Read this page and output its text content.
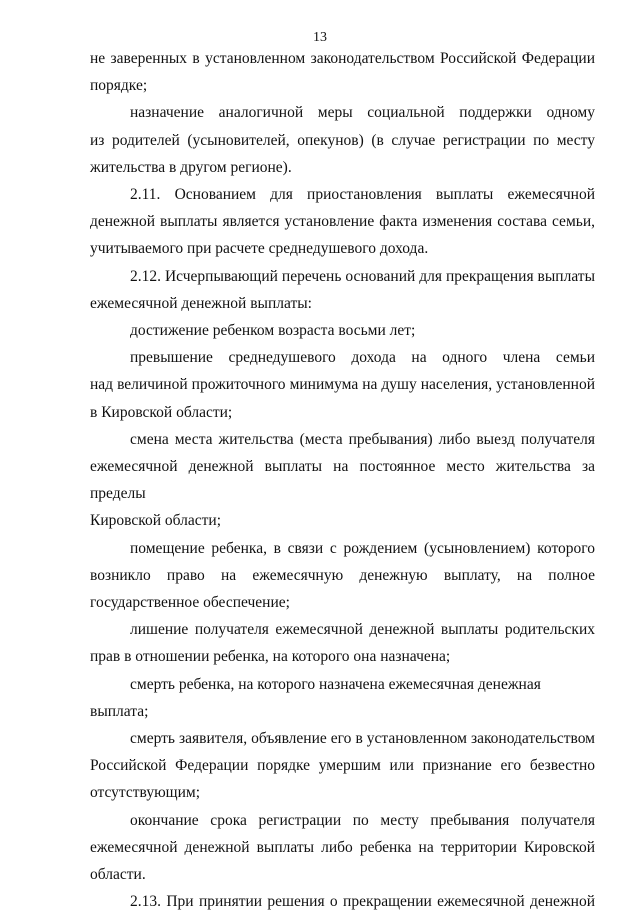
13
не заверенных в установленном законодательством Российской Федерации
порядке;
назначение аналогичной меры социальной поддержки одному
из родителей (усыновителей, опекунов) (в случае регистрации по месту
жительства в другом регионе).
2.11. Основанием для приостановления выплаты ежемесячной
денежной выплаты является установление факта изменения состава семьи,
учитываемого при расчете среднедушевого дохода.
2.12. Исчерпывающий перечень оснований для прекращения выплаты
ежемесячной денежной выплаты:
достижение ребенком возраста восьми лет;
превышение среднедушевого дохода на одного члена семьи
над величиной прожиточного минимума на душу населения, установленной
в Кировской области;
смена места жительства (места пребывания) либо выезд получателя
ежемесячной денежной выплаты на постоянное место жительства за пределы
Кировской области;
помещение ребенка, в связи с рождением (усыновлением) которого
возникло право на ежемесячную денежную выплату, на полное
государственное обеспечение;
лишение получателя ежемесячной денежной выплаты родительских
прав в отношении ребенка, на которого она назначена;
смерть ребенка, на которого назначена ежемесячная денежная выплата;
смерть заявителя, объявление его в установленном законодательством
Российской Федерации порядке умершим или признание его безвестно
отсутствующим;
окончание срока регистрации по месту пребывания получателя
ежемесячной денежной выплаты либо ребенка на территории Кировской
области.
2.13. При принятии решения о прекращении ежемесячной денежной
